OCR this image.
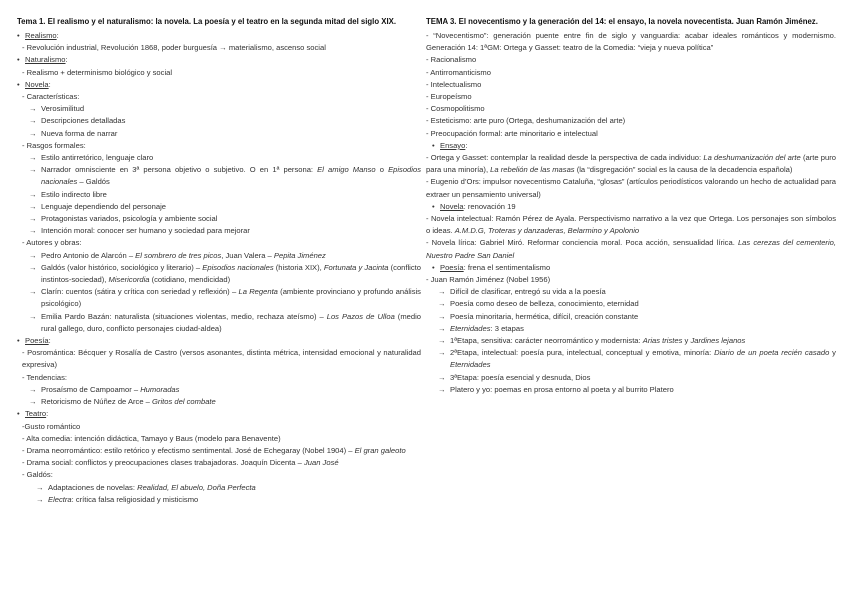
Tema 1. El realismo y el naturalismo: la novela. La poesía y el teatro en la segunda mitad del siglo XIX.
• Realismo:
- Revolución industrial, Revolución 1868, poder burguesía → materialismo, ascenso social
• Naturalismo:
- Realismo + determinismo biológico y social
• Novela:
- Características:
→ Verosimilitud
→ Descripciones detalladas
→ Nueva forma de narrar
- Rasgos formales:
→ Estilo antirretórico, lenguaje claro
→ Narrador omnisciente en 3ª persona objetivo o subjetivo. O en 1ª persona: El amigo Manso o Episodios nacionales – Galdós
→ Estilo indirecto libre
→ Lenguaje dependiendo del personaje
→ Protagonistas variados, psicología y ambiente social
→ Intención moral: conocer ser humano y sociedad para mejorar
- Autores y obras:
→ Pedro Antonio de Alarcón – El sombrero de tres picos, Juan Valera – Pepita Jiménez
→ Galdós (valor histórico, sociológico y literario) – Episodios nacionales (historia XIX), Fortunata y Jacinta (conflicto instintos-sociedad), Misericordia (cotidiano, mendicidad)
→ Clarín: cuentos (sátira y crítica con seriedad y reflexión) – La Regenta (ambiente provinciano y profundo análisis psicológico)
→ Emilia Pardo Bazán: naturalista (situaciones violentas, medio, rechaza ateísmo) – Los Pazos de Ulloa (medio rural gallego, duro, conflicto personajes ciudad-aldea)
• Poesía:
- Posromántica: Bécquer y Rosalía de Castro (versos asonantes, distinta métrica, intensidad emocional y naturalidad expresiva)
- Tendencias:
→ Prosaísmo de Campoamor – Humoradas
→ Retoricismo de Núñez de Arce – Gritos del combate
• Teatro:
-Gusto romántico
- Alta comedia: intención didáctica, Tamayo y Baus (modelo para Benavente)
- Drama neorromántico: estilo retórico y efectismo sentimental. José de Echegaray (Nobel 1904) – El gran galeoto
- Drama social: conflictos y preocupaciones clases trabajadoras. Joaquín Dicenta – Juan José
- Galdós:
→ Adaptaciones de novelas: Realidad, El abuelo, Doña Perfecta
→ Electra: crítica falsa religiosidad y misticismo
TEMA 3. El novecentismo y la generación del 14: el ensayo, la novela novecentista. Juan Ramón Jiménez.
- “Novecentismo”: generación puente entre fin de siglo y vanguardia: acabar ideales románticos y modernismo. Generación 14: 1ªGM: Ortega y Gasset: teatro de la Comedia: “vieja y nueva política”
- Racionalismo
- Antirromanticismo
- Intelectualismo
- Europeísmo
- Cosmopolitismo
- Esteticismo: arte puro (Ortega, deshumanización del arte)
- Preocupación formal: arte minoritario e intelectual
• Ensayo:
- Ortega y Gasset: contemplar la realidad desde la perspectiva de cada individuo: La deshumanización del arte (arte puro para una minoría), La rebelión de las masas (la “disgregación” social es la causa de la decadencia española)
- Eugenio d’Ors: impulsor novecentismo Cataluña, “glosas” (artículos periodísticos valorando un hecho de actualidad para extraer un pensamiento universal)
• Novela: renovación 19
- Novela intelectual: Ramón Pérez de Ayala. Perspectivismo narrativo a la vez que Ortega. Los personajes son símbolos o ideas. A.M.D.G, Troteras y danzaderas, Belarmino y Apolonio
- Novela lírica: Gabriel Miró. Reformar conciencia moral. Poca acción, sensualidad lírica. Las cerezas del cementerio, Nuestro Padre San Daniel
• Poesía: frena el sentimentalismo
- Juan Ramón Jiménez (Nobel 1956)
→ Difícil de clasificar, entregó su vida a la poesía
→ Poesía como deseo de belleza, conocimiento, eternidad
→ Poesía minoritaria, hermética, difícil, creación constante
→ Eternidades: 3 etapas
→ 1ªEtapa, sensitiva: carácter neorromántico y modernista: Arias tristes y Jardines lejanos
→ 2ªEtapa, intelectual: poesía pura, intelectual, conceptual y emotiva, minoría: Diario de un poeta recién casado y Eternidades
→ 3ªEtapa: poesía esencial y desnuda, Dios
→ Platero y yo: poemas en prosa entorno al poeta y al burrito Platero
